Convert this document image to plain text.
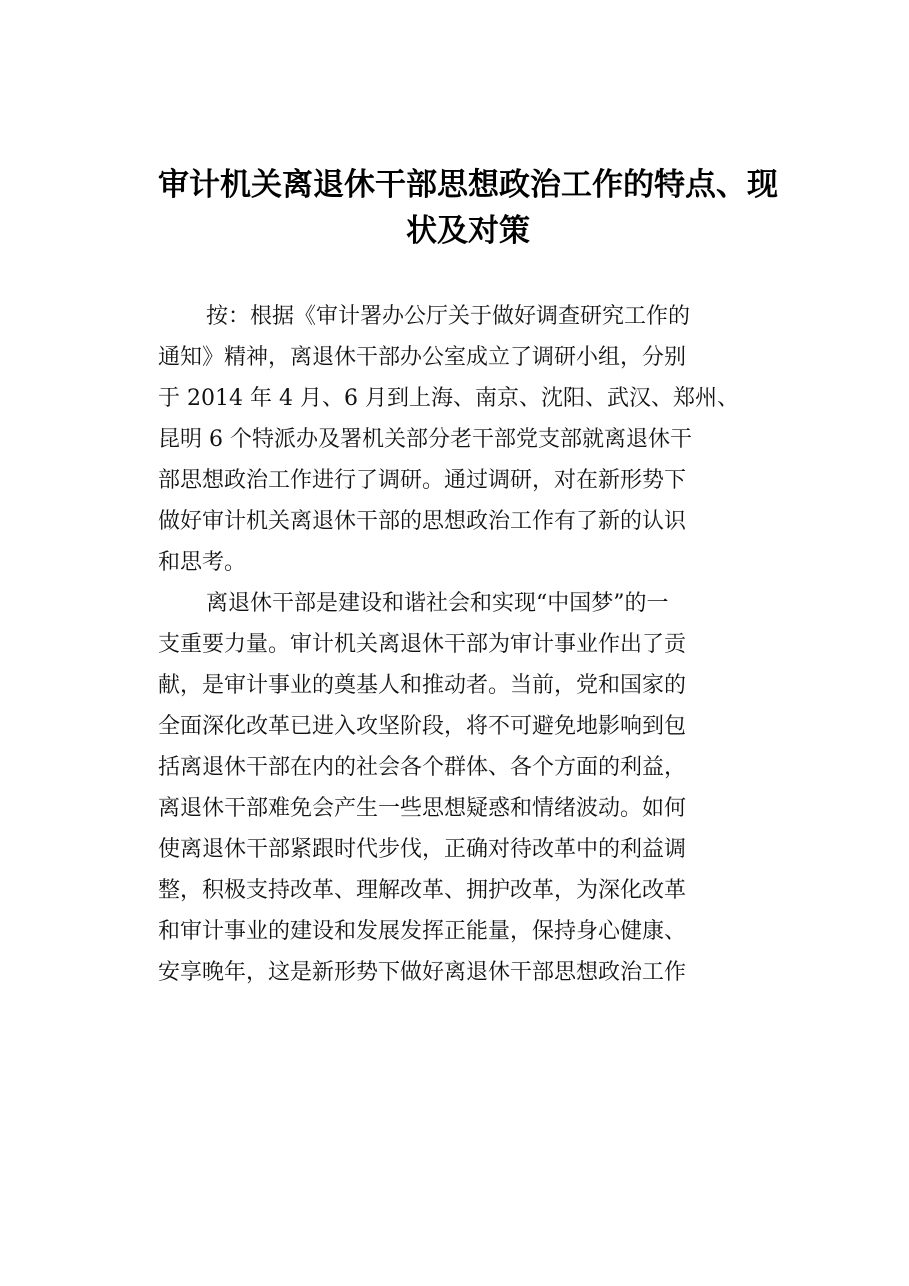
审计机关离退休干部思想政治工作的特点、现
状及对策
按：根据《审计署办公厅关于做好调查研究工作的
通知》精神，离退休干部办公室成立了调研小组，分别
于 2014 年 4 月、6 月到上海、南京、沈阳、武汉、郑州、
昆明 6 个特派办及署机关部分老干部党支部就离退休干
部思想政治工作进行了调研。通过调研，对在新形势下
做好审计机关离退休干部的思想政治工作有了新的认识
和思考。
离退休干部是建设和谐社会和实现“中国梦”的一
支重要力量。审计机关离退休干部为审计事业作出了贡
献，是审计事业的奠基人和推动者。当前，党和国家的
全面深化改革已进入攻坚阶段，将不可避免地影响到包
括离退休干部在内的社会各个群体、各个方面的利益，
离退休干部难免会产生一些思想疑惑和情绪波动。如何
使离退休干部紧跟时代步伐，正确对待改革中的利益调
整，积极支持改革、理解改革、拥护改革，为深化改革
和审计事业的建设和发展发挥正能量，保持身心健康、
安享晚年，这是新形势下做好离退休干部思想政治工作
